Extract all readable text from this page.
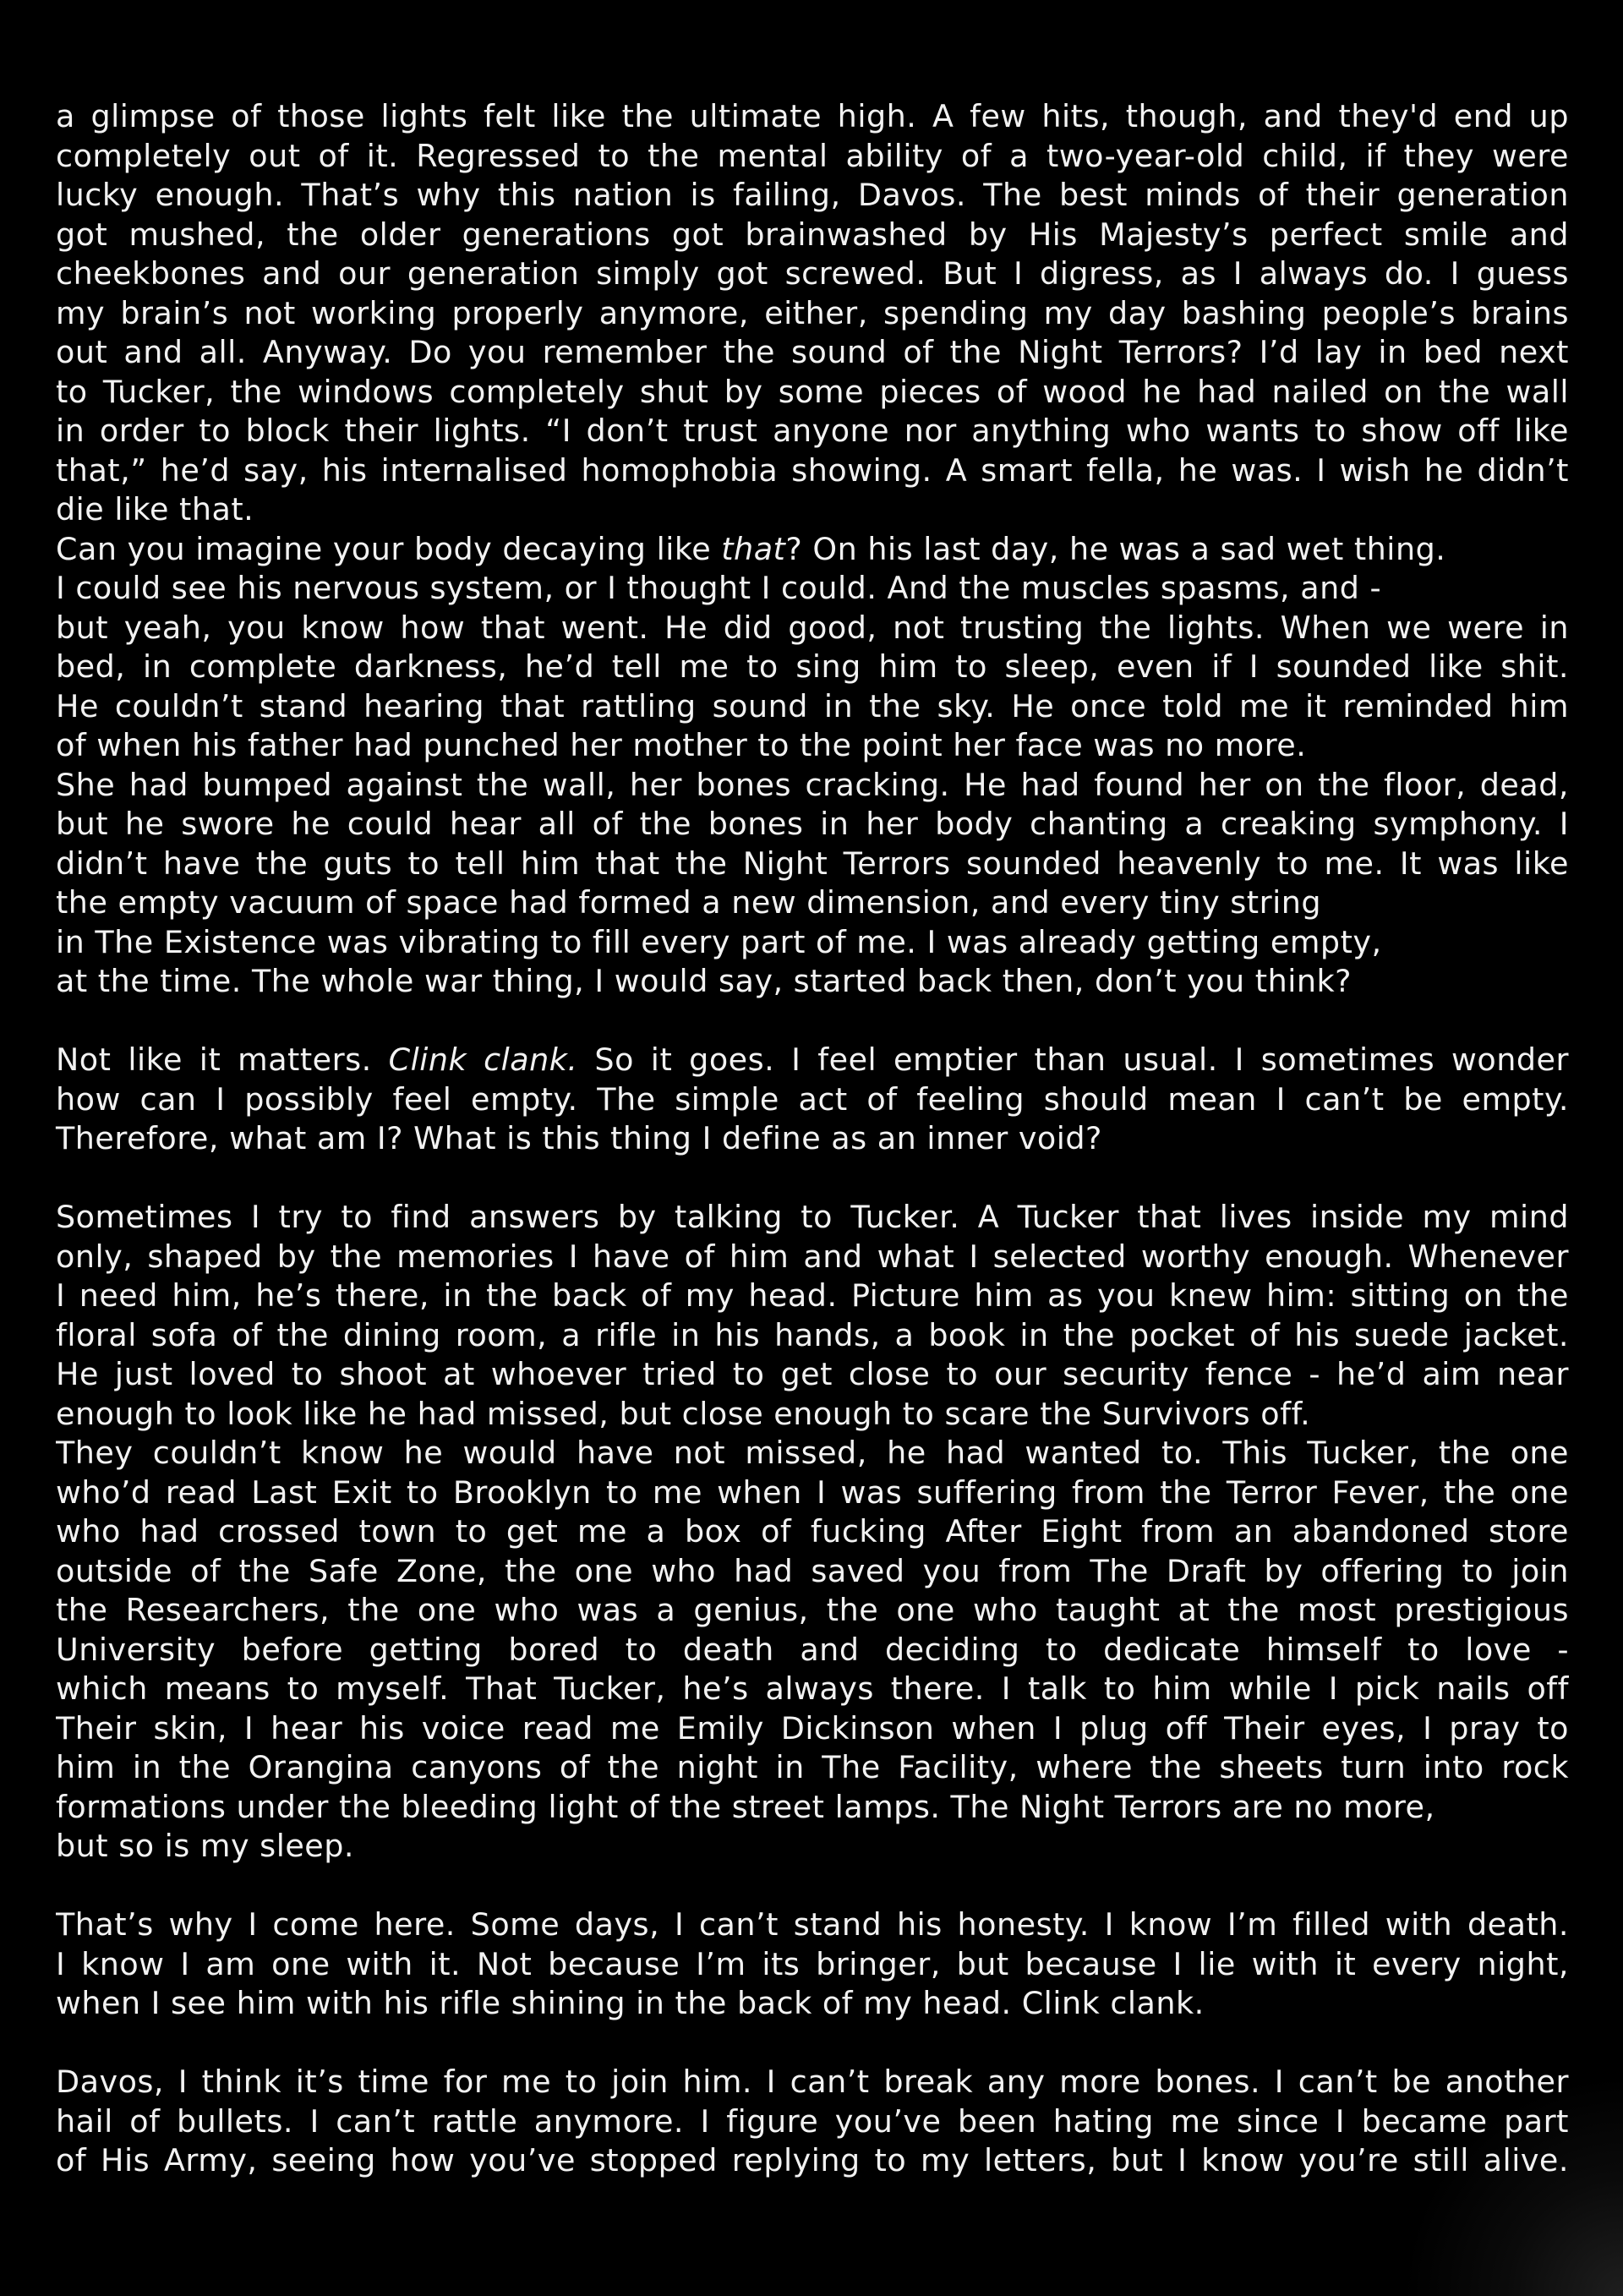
a glimpse of those lights felt like the ultimate high. A few hits, though, and they'd end up
completely out of it. Regressed to the mental ability of a two-year-old child, if they were
lucky enough. That’s why this nation is failing, Davos. The best minds of their generation
got mushed, the older generations got brainwashed by His Majesty’s perfect smile and
cheekbones and our generation simply got screwed. But I digress, as I always do. I guess
my brain’s not working properly anymore, either, spending my day bashing people’s brains
out and all. Anyway. Do you remember the sound of the Night Terrors? I’d lay in bed next
to Tucker, the windows completely shut by some pieces of wood he had nailed on the wall
in order to block their lights. “I don’t trust anyone nor anything who wants to show off like
that,” he’d say, his internalised homophobia showing. A smart fella, he was. I wish he didn’t
die like that.
Can you imagine your body decaying like that? On his last day, he was a sad wet thing.
I could see his nervous system, or I thought I could. And the muscles spasms, and -
but yeah, you know how that went. He did good, not trusting the lights. When we were in
bed, in complete darkness, he’d tell me to sing him to sleep, even if I sounded like shit.
He couldn’t stand hearing that rattling sound in the sky. He once told me it reminded him
of when his father had punched her mother to the point her face was no more.
She had bumped against the wall, her bones cracking. He had found her on the floor, dead,
but he swore he could hear all of the bones in her body chanting a creaking symphony. I
didn’t have the guts to tell him that the Night Terrors sounded heavenly to me. It was like
the empty vacuum of space had formed a new dimension, and every tiny string
in The Existence was vibrating to fill every part of me. I was already getting empty,
at the time. The whole war thing, I would say, started back then, don’t you think?
Not like it matters. Clink clank. So it goes. I feel emptier than usual. I sometimes wonder
how can I possibly feel empty. The simple act of feeling should mean I can’t be empty.
Therefore, what am I? What is this thing I define as an inner void?
Sometimes I try to find answers by talking to Tucker. A Tucker that lives inside my mind
only, shaped by the memories I have of him and what I selected worthy enough. Whenever
I need him, he’s there, in the back of my head. Picture him as you knew him: sitting on the
floral sofa of the dining room, a rifle in his hands, a book in the pocket of his suede jacket.
He just loved to shoot at whoever tried to get close to our security fence - he’d aim near
enough to look like he had missed, but close enough to scare the Survivors off.
They couldn’t know he would have not missed, he had wanted to. This Tucker, the one
who’d read Last Exit to Brooklyn to me when I was suffering from the Terror Fever, the one
who had crossed town to get me a box of fucking After Eight from an abandoned store
outside of the Safe Zone, the one who had saved you from The Draft by offering to join
the Researchers, the one who was a genius, the one who taught at the most prestigious
University before getting bored to death and deciding to dedicate himself to love -
which means to myself. That Tucker, he’s always there. I talk to him while I pick nails off
Their skin, I hear his voice read me Emily Dickinson when I plug off Their eyes, I pray to
him in the Orangina canyons of the night in The Facility, where the sheets turn into rock
formations under the bleeding light of the street lamps. The Night Terrors are no more,
but so is my sleep.
That’s why I come here. Some days, I can’t stand his honesty. I know I’m filled with death.
I know I am one with it. Not because I’m its bringer, but because I lie with it every night,
when I see him with his rifle shining in the back of my head. Clink clank.
Davos, I think it’s time for me to join him. I can’t break any more bones. I can’t be another
hail of bullets. I can’t rattle anymore. I figure you’ve been hating me since I became part
of His Army, seeing how you’ve stopped replying to my letters, but I know you’re still alive.
